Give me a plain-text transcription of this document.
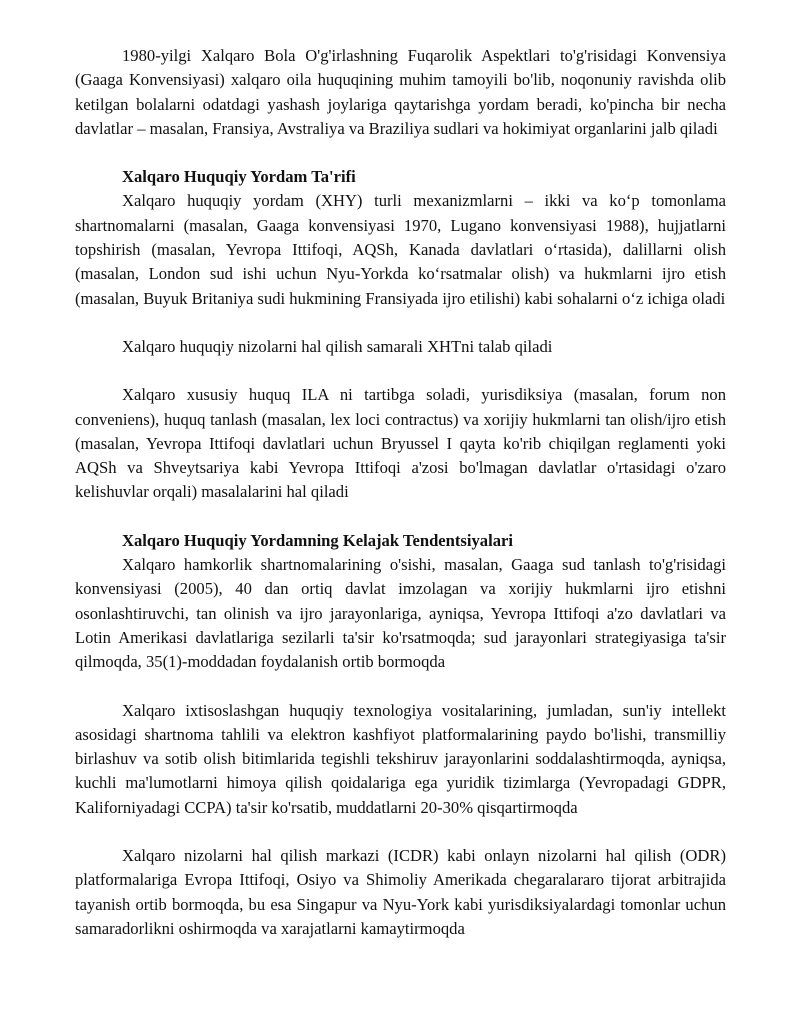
1980-yilgi Xalqaro Bola O'g'irlashning Fuqarolik Aspektlari to'g'risidagi Konvensiya (Gaaga Konvensiyasi) xalqaro oila huquqining muhim tamoyili bo'lib, noqonuniy ravishda olib ketilgan bolalarni odatdagi yashash joylariga qaytarishga yordam beradi, ko'pincha bir necha davlatlar – masalan, Fransiya, Avstraliya va Braziliya sudlari va hokimiyat organlarini jalb qiladi

Xalqaro Huquqiy Yordam Ta'rifi

Xalqaro huquqiy yordam (XHY) turli mexanizmlarni – ikki va ko‘p tomonlama shartnomalarni (masalan, Gaaga konvensiyasi 1970, Lugano konvensiyasi 1988), hujjatlarni topshirish (masalan, Yevropa Ittifoqi, AQSh, Kanada davlatlari o‘rtasida), dalillarni olish (masalan, London sud ishi uchun Nyu-Yorkda ko‘rsatmalar olish) va hukmlarni ijro etish (masalan, Buyuk Britaniya sudi hukmining Fransiyada ijro etilishi) kabi sohalarni o‘z ichiga oladi

Xalqaro huquqiy nizolarni hal qilish samarali XHTni talab qiladi

Xalqaro xususiy huquq ILA ni tartibga soladi, yurisdiksiya (masalan, forum non conveniens), huquq tanlash (masalan, lex loci contractus) va xorijiy hukmlarni tan olish/ijro etish (masalan, Yevropa Ittifoqi davlatlari uchun Bryussel I qayta ko'rib chiqilgan reglamenti yoki AQSh va Shveytsariya kabi Yevropa Ittifoqi a'zosi bo'lmagan davlatlar o'rtasidagi o'zaro kelishuvlar orqali) masalalarini hal qiladi

Xalqaro Huquqiy Yordamning Kelajak Tendentsiyalari

Xalqaro hamkorlik shartnomalarining o'sishi, masalan, Gaaga sud tanlash to'g'risidagi konvensiyasi (2005), 40 dan ortiq davlat imzolagan va xorijiy hukmlarni ijro etishni osonlashtiruvchi, tan olinish va ijro jarayonlariga, ayniqsa, Yevropa Ittifoqi a'zo davlatlari va Lotin Amerikasi davlatlariga sezilarli ta'sir ko'rsatmoqda; sud jarayonlari strategiyasiga ta'sir qilmoqda, 35(1)-moddadan foydalanish ortib bormoqda

Xalqaro ixtisoslashgan huquqiy texnologiya vositalarining, jumladan, sun'iy intellekt asosidagi shartnoma tahlili va elektron kashfiyot platformalarining paydo bo'lishi, transmilliy birlashuv va sotib olish bitimlarida tegishli tekshiruv jarayonlarini soddalashtirmoqda, ayniqsa, kuchli ma'lumotlarni himoya qilish qoidalariga ega yuridik tizimlarga (Yevropadagi GDPR, Kaliforniyadagi CCPA) ta'sir ko'rsatib, muddatlarni 20-30% qisqartirmoqda

Xalqaro nizolarni hal qilish markazi (ICDR) kabi onlayn nizolarni hal qilish (ODR) platformalariga Evropa Ittifoqi, Osiyo va Shimoliy Amerikada chegaralararo tijorat arbitrajida tayanish ortib bormoqda, bu esa Singapur va Nyu-York kabi yurisdiksiyalardagi tomonlar uchun samaradorlikni oshirmoqda va xarajatlarni kamaytirmoqda
